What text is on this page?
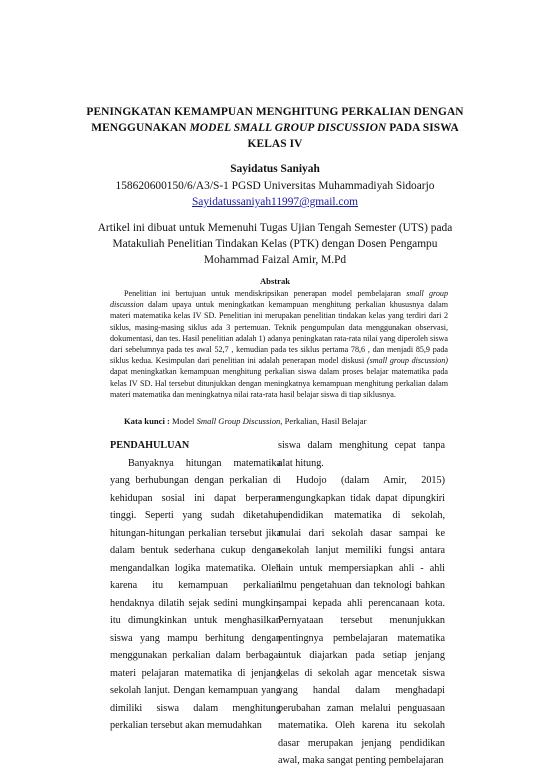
PENINGKATAN KEMAMPUAN MENGHITUNG PERKALIAN DENGAN
MENGGUNAKAN MODEL SMALL GROUP DISCUSSION PADA SISWA
KELAS IV
Sayidatus Saniyah
158620600150/6/A3/S-1 PGSD Universitas Muhammadiyah Sidoarjo
Sayidatussaniyah11997@gmail.com
Artikel ini dibuat untuk Memenuhi Tugas Ujian Tengah Semester (UTS) pada Matakuliah Penelitian Tindakan Kelas (PTK) dengan Dosen Pengampu Mohammad Faizal Amir, M.Pd
Abstrak
Penelitian ini bertujuan untuk mendiskripsikan penerapan model pembelajaran small group discussion dalam upaya untuk meningkatkan kemampuan menghitung perkalian khususnya dalam materi matematika kelas IV SD. Penelitian ini merupakan penelitian tindakan kelas yang terdiri dari 2 siklus, masing-masing siklus ada 3 pertemuan. Teknik pengumpulan data menggunakan observasi, dokumentasi, dan tes. Hasil penelitian adalah 1) adanya peningkatan rata-rata nilai yang diperoleh siswa dari sebelumnya pada tes awal 52,7 , kemudian pada tes siklus pertama 78,6 , dan menjadi 85,9 pada siklus kedua. Kesimpulan dari penelitian ini adalah penerapan model diskusi (small group discussion) dapat meningkatkan kemampuan menghitung perkalian siswa dalam proses belajar matematika pada kelas IV SD. Hal tersebut ditunjukkan dengan meningkatnya kemampuan menghitung perkalian dalam materi matematika dan meningkatnya nilai rata-rata hasil belajar siswa di tiap siklusnya.
Kata kunci : Model Small Group Discussion, Perkalian, Hasil Belajar

PENDAHULUAN

Banyaknya hitungan matematika yang berhubungan dengan perkalian di kehidupan sosial ini dapat berperan tinggi. Seperti yang sudah diketahui hitungan-hitungan perkalian tersebut jika dalam bentuk sederhana cukup dengan mengandalkan logika matematika. Oleh karena itu kemampuan perkalian hendaknya dilatih sejak sedini mungkin, itu dimungkinkan untuk menghasilkan siswa yang mampu berhitung dengan menggunakan perkalian dalam berbagai materi pelajaran matematika di jenjang sekolah lanjut. Dengan kemampuan yang dimiliki siswa dalam menghitung perkalian tersebut akan memudahkan

siswa dalam menghitung cepat tanpa alat hitung.

Hudojo (dalam Amir, 2015) mengungkapkan tidak dapat dipungkiri pendidikan matematika di sekolah, mulai dari sekolah dasar sampai ke sekolah lanjut memiliki fungsi antara lain untuk mempersiapkan ahli - ahli ilmu pengetahuan dan teknologi bahkan sampai kepada ahli perencanaan kota. Pernyataan tersebut menunjukkan pentingnya pembelajaran matematika untuk diajarkan pada setiap jenjang kelas di sekolah agar mencetak siswa yang handal dalam menghadapi perubahan zaman melalui penguasaan matematika. Oleh karena itu sekolah dasar merupakan jenjang pendidikan awal, maka sangat penting pembelajaran
